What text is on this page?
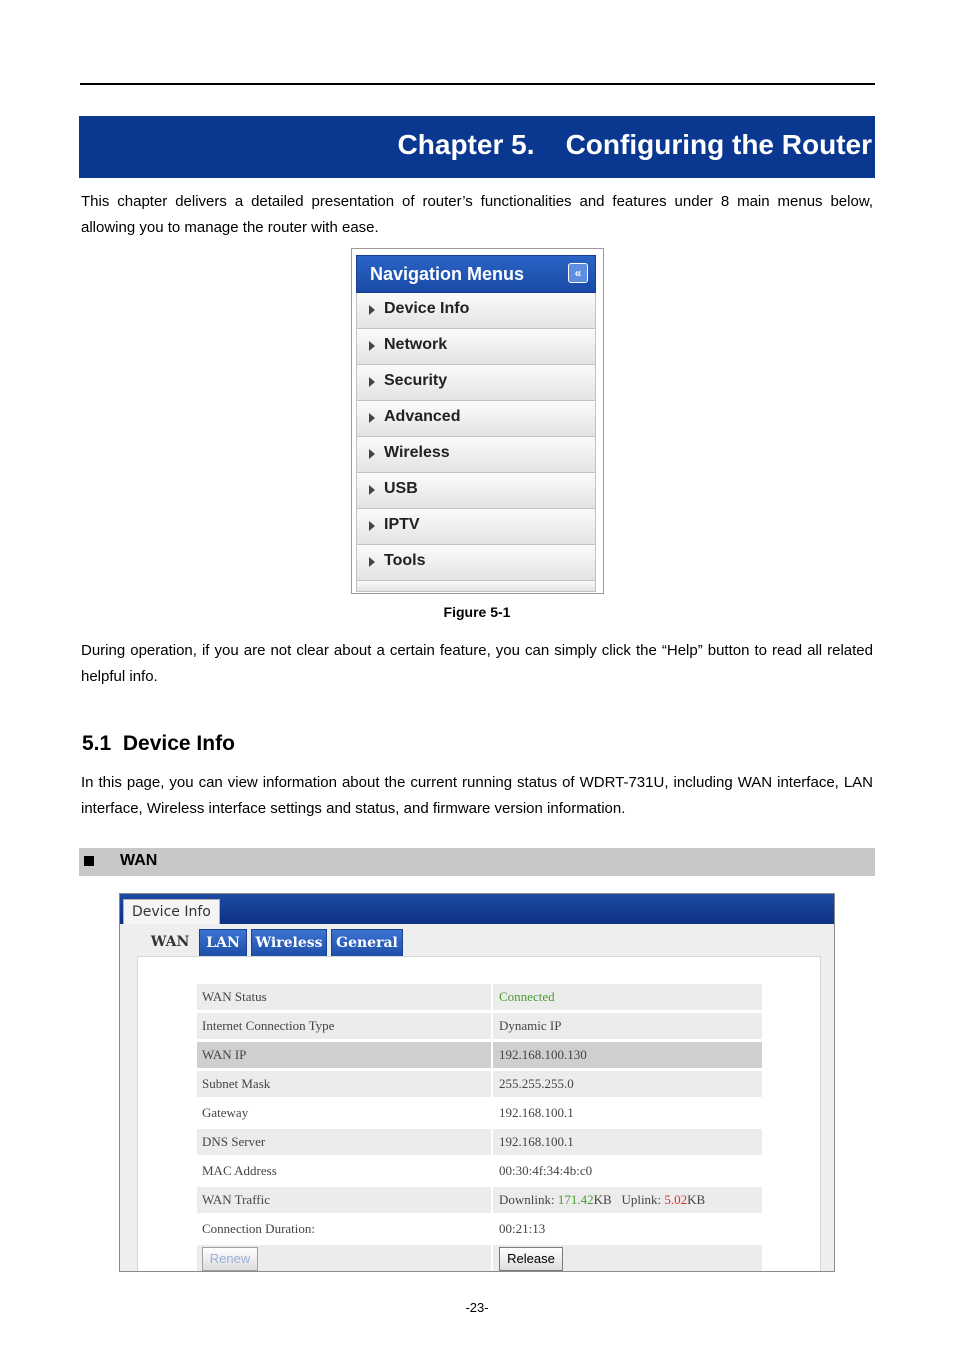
Chapter 5.    Configuring the Router
This chapter delivers a detailed presentation of router’s functionalities and features under 8 main menus below, allowing you to manage the router with ease.
Navigation Menus	«
Device Info
Network
Security
Advanced
Wireless
USB
IPTV
Tools
Figure 5-1
During operation, if you are not clear about a certain feature, you can simply click the “Help” button to read all related helpful info.
5.1  Device Info
In this page, you can view information about the current running status of WDRT-731U, including WAN interface, LAN interface, Wireless interface settings and status, and firmware version information.
WAN
Device Info
WAN	LAN	Wireless General
WAN Status	Connected
Internet Connection Type	Dynamic IP
WAN IP	192.168.100.130
Subnet Mask	255.255.255.0
Gateway	192.168.100.1
DNS Server	192.168.100.1
MAC Address	00:30:4f:34:4b:c0
WAN Traffic	Downlink: 171.42KB Uplink: 5.02KB
Connection Duration:	00:21:13
Renew	Release
-23-
